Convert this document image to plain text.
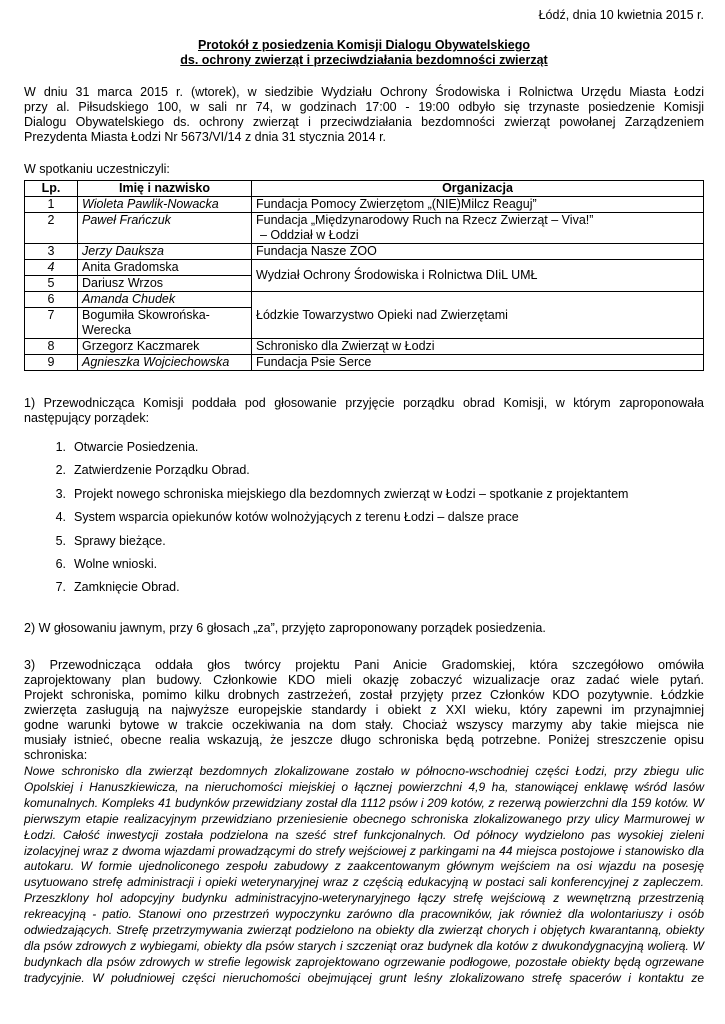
Łódź, dnia 10 kwietnia 2015 r.
Protokół z posiedzenia Komisji Dialogu Obywatelskiego
ds. ochrony zwierząt i przeciwdziałania bezdomności zwierząt
W dniu 31 marca 2015 r. (wtorek), w siedzibie Wydziału Ochrony Środowiska i Rolnictwa Urzędu Miasta Łodzi
przy al. Piłsudskiego 100, w sali nr 74, w godzinach 17:00 - 19:00 odbyło się trzynaste posiedzenie Komisji
Dialogu Obywatelskiego ds. ochrony zwierząt i przeciwdziałania bezdomności zwierząt powołanej Zarządzeniem
Prezydenta Miasta Łodzi Nr 5673/VI/14 z dnia 31 stycznia 2014 r.
W spotkaniu uczestniczyli:
Lp.	Imię i nazwisko	Organizacja
1	Wioleta Pawlik-Nowacka	Fundacja Pomocy Zwierzętom „(NIE)Milcz Reaguj”
2	Paweł Frańczuk	Fundacja „Międzynarodowy Ruch na Rzecz Zwierząt – Viva!”
– Oddział w Łodzi

3	Jerzy Dauksza	Fundacja Nasze ZOO
4	Anita Gradomska	Wydział Ochrony Środowiska i Rolnictwa DIiL UMŁ
5	Dariusz Wrzos	
6	Amanda Chudek	Łódzkie Towarzystwo Opieki nad Zwierzętami
7	Bogumiła Skowrońska-
Werecka	

8	Grzegorz Kaczmarek	Schronisko dla Zwierząt w Łodzi
9	Agnieszka Wojciechowska	Fundacja Psie Serce
1) Przewodnicząca Komisji poddała pod głosowanie przyjęcie porządku obrad Komisji, w którym zaproponowała
następujący porządek:
1. Otwarcie Posiedzenia.
2. Zatwierdzenie Porządku Obrad.
3. Projekt nowego schroniska miejskiego dla bezdomnych zwierząt w Łodzi – spotkanie z projektantem
4. System wsparcia opiekunów kotów wolnożyjących z terenu Łodzi – dalsze prace
5. Sprawy bieżące.
6. Wolne wnioski.
7. Zamknięcie Obrad.
2) W głosowaniu jawnym, przy 6 głosach „za”, przyjęto zaproponowany porządek posiedzenia.
3) Przewodnicząca oddała głos twórcy projektu Pani Anicie Gradomskiej, która szczegółowo omówiła
zaprojektowany plan budowy. Członkowie KDO mieli okazję zobaczyć wizualizacje oraz zadać wiele pytań.
Projekt schroniska, pomimo kilku drobnych zastrzeżeń, został przyjęty przez Członków KDO pozytywnie. Łódzkie
zwierzęta zasługują na najwyższe europejskie standardy i obiekt z XXI wieku, który zapewni im przynajmniej
godne warunki bytowe w trakcie oczekiwania na dom stały. Chociaż wszyscy marzymy aby takie miejsca nie
musiały istnieć, obecne realia wskazują, że jeszcze długo schroniska będą potrzebne. Poniżej streszczenie opisu
schroniska:
Nowe schronisko dla zwierząt bezdomnych zlokalizowane zostało w północno-wschodniej części Łodzi, przy zbiegu ulic
Opolskiej i Hanuszkiewicza, na nieruchomości miejskiej o łącznej powierzchni 4,9 ha, stanowiącej enklawę wśród lasów
komunalnych. Kompleks 41 budynków przewidziany został dla 1112 psów i 209 kotów, z rezerwą powierzchni dla 159 kotów. W
pierwszym etapie realizacyjnym przewidziano przeniesienie obecnego schroniska zlokalizowanego przy ulicy Marmurowej w
Łodzi. Całość inwestycji została podzielona na sześć stref funkcjonalnych. Od północy wydzielono pas wysokiej zieleni
izolacyjnej wraz z dwoma wjazdami prowadzącymi do strefy wejściowej z parkingami na 44 miejsca postojowe i stanowisko dla
autokaru. W formie ujednoliconego zespołu zabudowy z zaakcentowanym głównym wejściem na osi wjazdu na posesję
usytuowano strefę administracji i opieki weterynaryjnej wraz z częścią edukacyjną w postaci sali konferencyjnej z zapleczem.
Przeszklony hol adopcyjny budynku administracyjno-weterynaryjnego łączy strefę wejściową z wewnętrzną przestrzenią
rekreacyjną - patio. Stanowi ono przestrzeń wypoczynku zarówno dla pracowników, jak również dla wolontariuszy i osób
odwiedzających. Strefę przetrzymywania zwierząt podzielono na obiekty dla zwierząt chorych i objętych kwarantanną, obiekty
dla psów zdrowych z wybiegami, obiekty dla psów starych i szczeniąt oraz budynek dla kotów z dwukondygnacyjną wolierą. W
budynkach dla psów zdrowych w strefie legowisk zaprojektowano ogrzewanie podłogowe, pozostałe obiekty będą ogrzewane
tradycyjnie. W południowej części nieruchomości obejmującej grunt leśny zlokalizowano strefę spacerów i kontaktu ze
